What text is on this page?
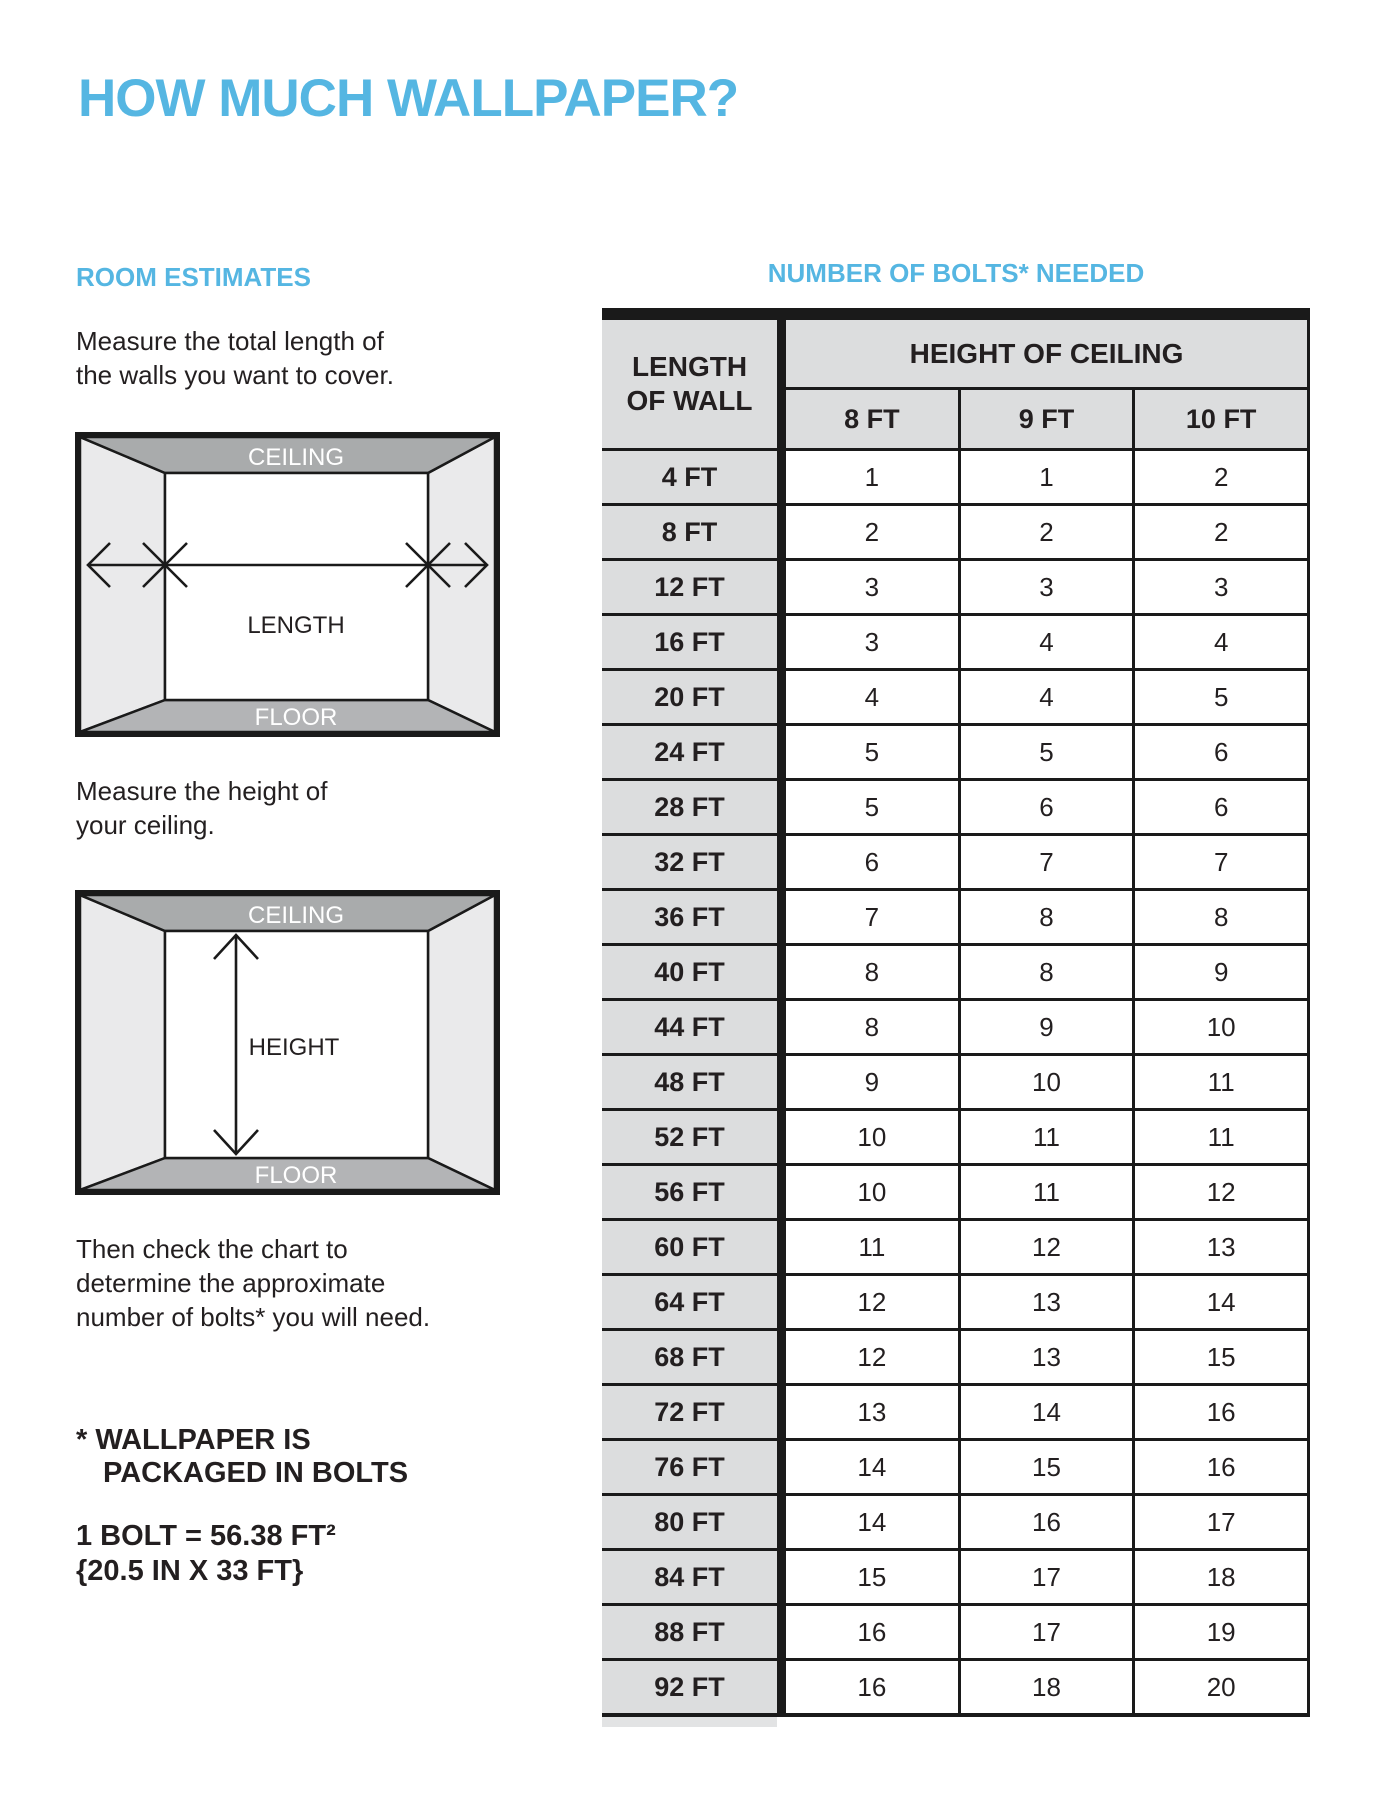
HOW MUCH WALLPAPER?
ROOM ESTIMATES
Measure the total length of
the walls you want to cover.
CEILING
LENGTH
FLOOR
Measure the height of
your ceiling.
CEILING
HEIGHT
FLOOR
Then check the chart to
determine the approximate
number of bolts* you will need.
* WALLPAPER IS
PACKAGED IN BOLTS
1 BOLT = 56.38 FT²
{20.5 IN X 33 FT}
NUMBER OF BOLTS* NEEDED
LENGTH
OF WALL
HEIGHT OF CEILING
8 FT	9 FT	10 FT
4 FT	1	1	2
8 FT	2	2	2
12 FT	3	3	3
16 FT	3	4	4
20 FT	4	4	5
24 FT	5	5	6
28 FT	5	6	6
32 FT	6	7	7
36 FT	7	8	8
40 FT	8	8	9
44 FT	8	9	10
48 FT	9	10	11
52 FT	10	11	11
56 FT	10	11	12
60 FT	11	12	13
64 FT	12	13	14
68 FT	12	13	15
72 FT	13	14	16
76 FT	14	15	16
80 FT	14	16	17
84 FT	15	17	18
88 FT	16	17	19
92 FT	16	18	20
